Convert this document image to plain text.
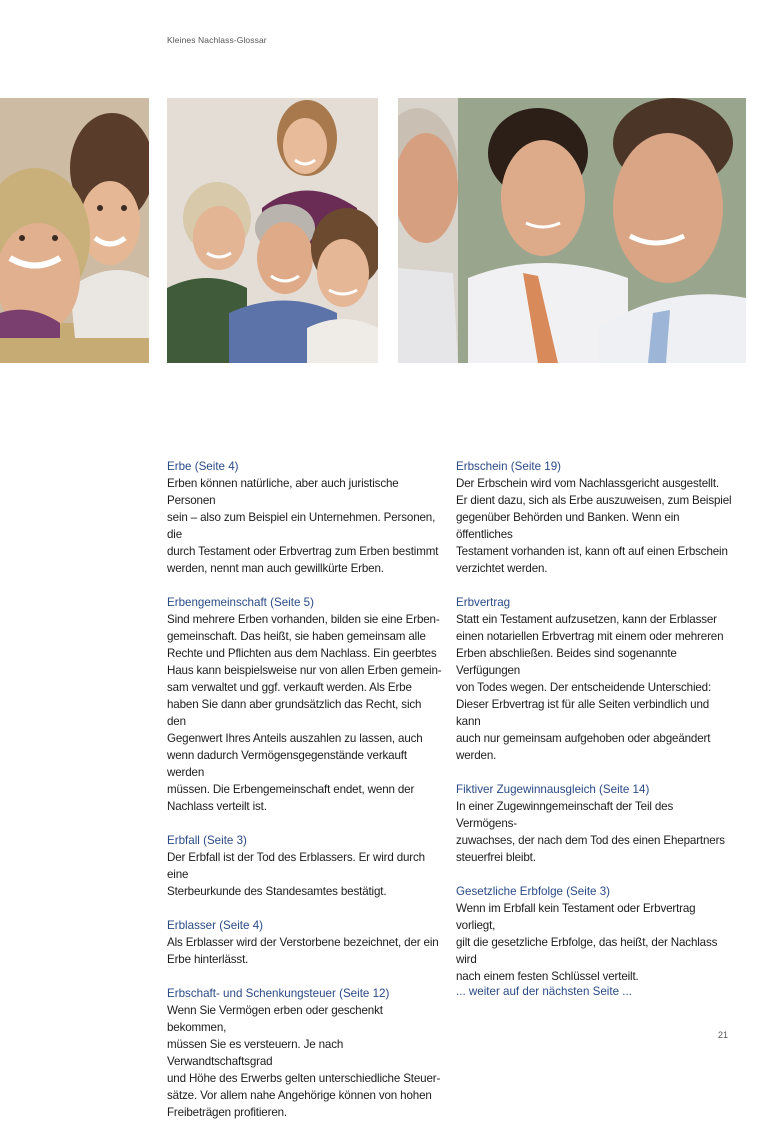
Kleines Nachlass-Glossar
Erbe (Seite 4)

Erben können natürliche, aber auch juristische Personen
sein – also zum Beispiel ein Unternehmen. Personen, die
durch Testament oder Erbvertrag zum Erben bestimmt
werden, nennt man auch gewillkürte Erben.

Erbengemeinschaft (Seite 5)

Sind mehrere Erben vorhanden, bilden sie eine Erben-
gemeinschaft. Das heißt, sie haben gemeinsam alle
Rechte und Pflichten aus dem Nachlass. Ein geerbtes
Haus kann beispielsweise nur von allen Erben gemein-
sam verwaltet und ggf. verkauft werden. Als Erbe
haben Sie dann aber grundsätzlich das Recht, sich den
Gegenwert Ihres Anteils auszahlen zu lassen, auch
wenn dadurch Vermögensgegenstände verkauft werden
müssen. Die Erbengemeinschaft endet, wenn der
Nachlass verteilt ist.

Erbfall (Seite 3)

Der Erbfall ist der Tod des Erblassers. Er wird durch eine
Sterbeurkunde des Standesamtes bestätigt.

Erblasser (Seite 4)

Als Erblasser wird der Verstorbene bezeichnet, der ein
Erbe hinterlässt.

Erbschaft- und Schenkungsteuer (Seite 12)

Wenn Sie Vermögen erben oder geschenkt bekommen,
müssen Sie es versteuern. Je nach Verwandtschaftsgrad
und Höhe des Erwerbs gelten unterschiedliche Steuer-
sätze. Vor allem nahe Angehörige können von hohen
Freibeträgen profitieren.

Erbschein (Seite 19)

Der Erbschein wird vom Nachlassgericht ausgestellt.
Er dient dazu, sich als Erbe auszuweisen, zum Beispiel
gegenüber Behörden und Banken. Wenn ein öffentliches
Testament vorhanden ist, kann oft auf einen Erbschein
verzichtet werden.

Erbvertrag

Statt ein Testament aufzusetzen, kann der Erblasser
einen notariellen Erbvertrag mit einem oder mehreren
Erben abschließen. Beides sind sogenannte Verfügungen
von Todes wegen. Der entscheidende Unterschied:
Dieser Erbvertrag ist für alle Seiten verbindlich und kann
auch nur gemeinsam aufgehoben oder abgeändert
werden.

Fiktiver Zugewinnausgleich (Seite 14)

In einer Zugewinngemeinschaft der Teil des Vermögens-
zuwachses, der nach dem Tod des einen Ehepartners
steuerfrei bleibt.

Gesetzliche Erbfolge (Seite 3)

Wenn im Erbfall kein Testament oder Erbvertrag vorliegt,
gilt die gesetzliche Erbfolge, das heißt, der Nachlass wird
nach einem festen Schlüssel verteilt.

... weiter auf der nächsten Seite ...
21
